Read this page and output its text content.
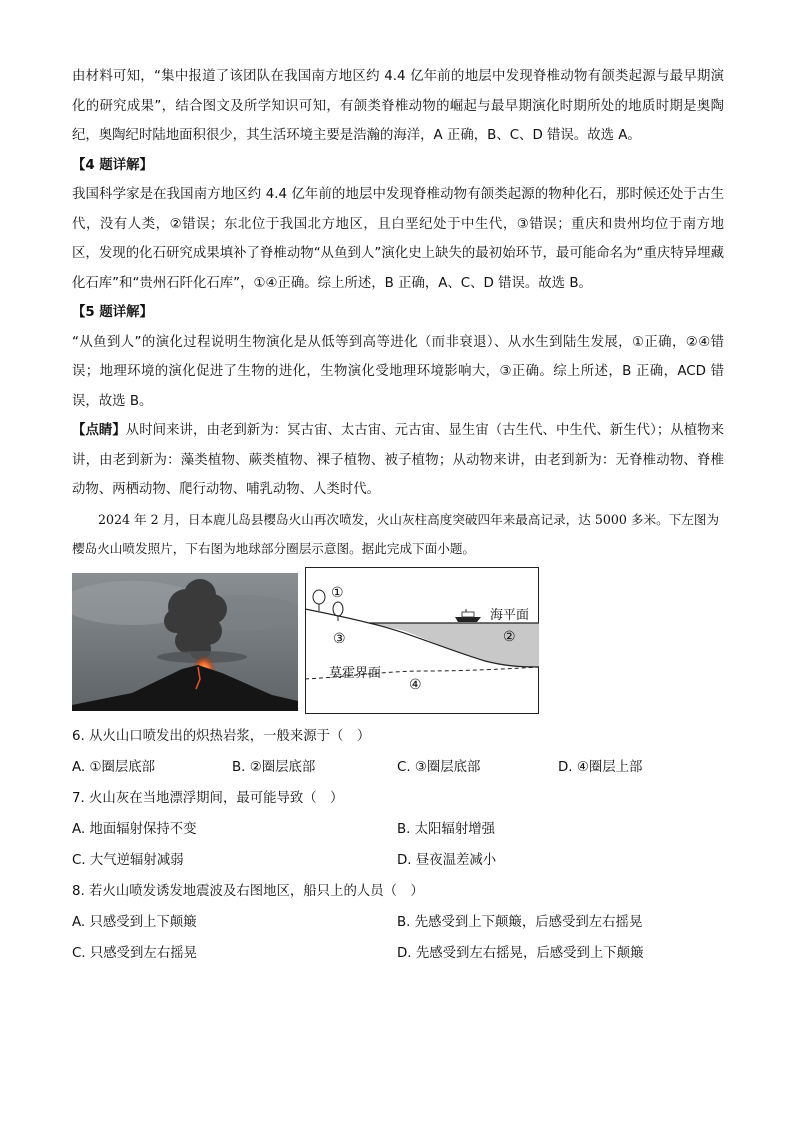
由材料可知，“集中报道了该团队在我国南方地区约 4.4 亿年前的地层中发现脊椎动物有颌类起源与最早期演化的研究成果”，结合图文及所学知识可知，有颌类脊椎动物的崛起与最早期演化时期所处的地质时期是奥陶纪，奥陶纪时陆地面积很少，其生活环境主要是浩瀚的海洋，A 正确，B、C、D 错误。故选 A。

【4 题详解】

我国科学家是在我国南方地区约 4.4 亿年前的地层中发现脊椎动物有颌类起源的物种化石，那时候还处于古生代，没有人类，②错误；东北位于我国北方地区，且白垩纪处于中生代，③错误；重庆和贵州均位于南方地区，发现的化石研究成果填补了脊椎动物“从鱼到人”演化史上缺失的最初始环节，最可能命名为“重庆特异埋藏化石库”和“贵州石阡化石库”，①④正确。综上所述，B 正确，A、C、D 错误。故选 B。

【5 题详解】

“从鱼到人”的演化过程说明生物演化是从低等到高等进化（而非衰退）、从水生到陆生发展，①正确，②④错误；地理环境的演化促进了生物的进化，生物演化受地理环境影响大，③正确。综上所述，B 正确，ACD 错误，故选 B。

【点睛】从时间来讲，由老到新为：冥古宙、太古宙、元古宙、显生宙（古生代、中生代、新生代）；从植物来讲，由老到新为：藻类植物、蕨类植物、裸子植物、被子植物；从动物来讲，由老到新为：无脊椎动物、脊椎动物、两栖动物、爬行动物、哺乳动物、人类时代。

2024 年 2 月，日本鹿儿岛县樱岛火山再次喷发，火山灰柱高度突破四年来最高记录，达 5000 多米。下左图为樱岛火山喷发照片，下右图为地球部分圈层示意图。据此完成下面小题。

海平面
莫霍界面
①
②
③
④

6. 从火山口喷发出的炽热岩浆，一般来源于（　）

A. ①圈层底部	B. ②圈层底部	C. ③圈层底部	D. ④圈层上部

7. 火山灰在当地漂浮期间，最可能导致（　）

A. 地面辐射保持不变	B. 太阳辐射增强
C. 大气逆辐射减弱	D. 昼夜温差减小

8. 若火山喷发诱发地震波及右图地区，船只上的人员（　）

A. 只感受到上下颠簸	B. 先感受到上下颠簸，后感受到左右摇晃
C. 只感受到左右摇晃	D. 先感受到左右摇晃，后感受到上下颠簸
